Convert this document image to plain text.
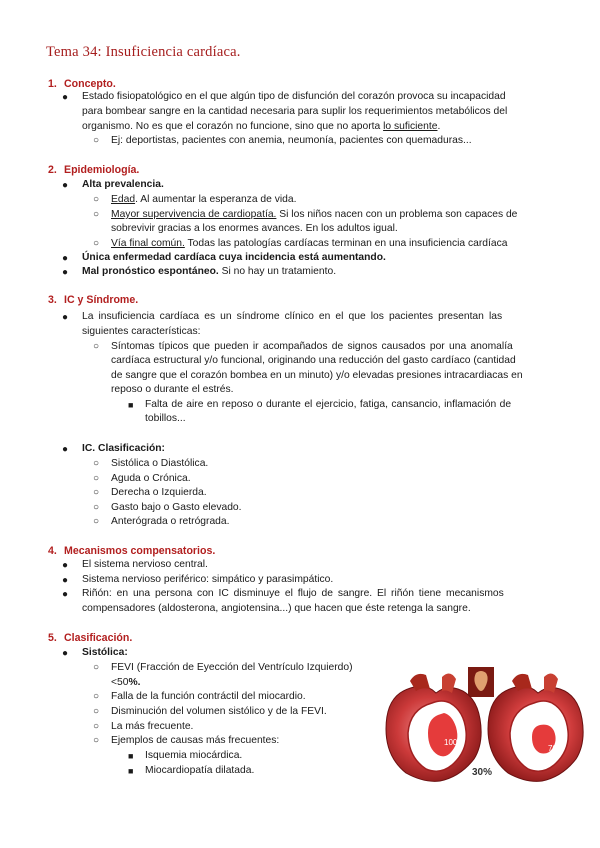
Tema 34: Insuficiencia cardíaca.
1. Concepto.
● Estado fisiopatológico en el que algún tipo de disfunción del corazón provoca su incapacidad
para bombear sangre en la cantidad necesaria para suplir los requerimientos metabólicos del
organismo. No es que el corazón no funcione, sino que no aporta lo suficiente.
○ Ej: deportistas, pacientes con anemia, neumonía, pacientes con quemaduras...
2. Epidemiología.
● Alta prevalencia.
○ Edad. Al aumentar la esperanza de vida.
○ Mayor supervivencia de cardiopatía. Si los niños nacen con un problema son capaces de
sobrevivir gracias a los enormes avances. En los adultos igual.
○ Vía final común. Todas las patologías cardíacas terminan en una insuficiencia cardíaca
● Única enfermedad cardíaca cuya incidencia está aumentando.
● Mal pronóstico espontáneo. Si no hay un tratamiento.
3. IC y Síndrome.
● La insuficiencia cardíaca es un síndrome clínico en el que los pacientes presentan las
siguientes características:
○ Síntomas típicos que pueden ir acompañados de signos causados por una anomalía
cardíaca estructural y/o funcional, originando una reducción del gasto cardíaco (cantidad
de sangre que el corazón bombea en un minuto) y/o elevadas presiones intracardiacas en
reposo o durante el estrés.
■ Falta de aire en reposo o durante el ejercicio, fatiga, cansancio, inflamación de
tobillos...
● IC. Clasificación:
○ Sistólica o Diastólica.
○ Aguda o Crónica.
○ Derecha o Izquierda.
○ Gasto bajo o Gasto elevado.
○ Anterógrada o retrógrada.
4. Mecanismos compensatorios.
● El sistema nervioso central.
● Sistema nervioso periférico: simpático y parasimpático.
● Riñón: en una persona con IC disminuye el flujo de sangre. El riñón tiene mecanismos
compensadores (aldosterona, angiotensina...) que hacen que éste retenga la sangre.
5. Clasificación.
● Sistólica:
○ FEVI (Fracción de Eyección del Ventrículo Izquierdo)
<50%.
○ Falla de la función contráctil del miocardio.
○ Disminución del volumen sistólico y de la FEVI.
○ La más frecuente.
○ Ejemplos de causas más frecuentes:
■ Isquemia miocárdica.
■ Miocardiopatía dilatada.
100%
70%
30%
